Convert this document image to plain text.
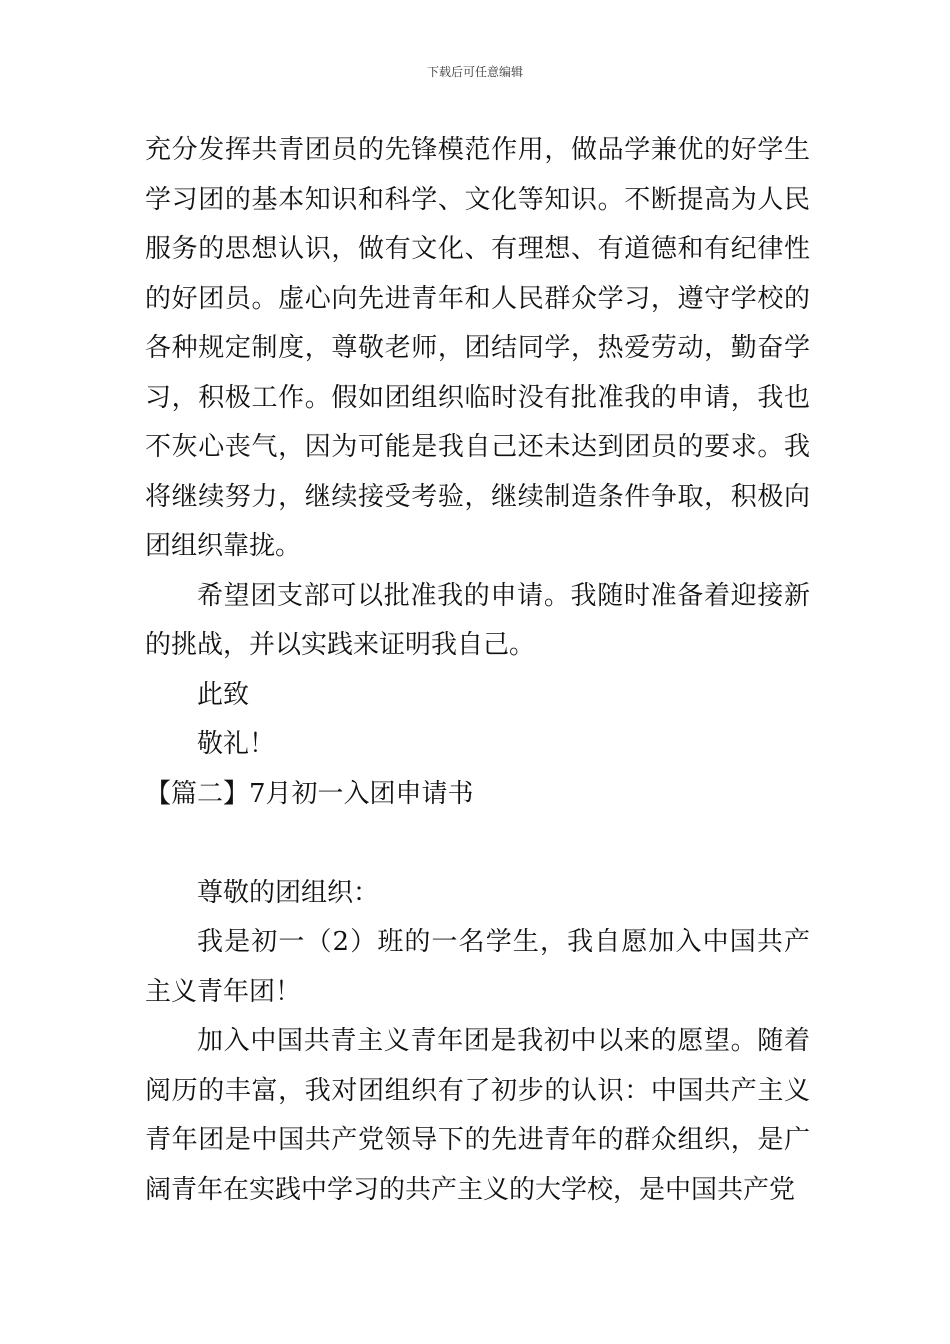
下载后可任意编辑

充分发挥共青团员的先锋模范作用，做品学兼优的好学生学习团的基本知识和科学、文化等知识。不断提高为人民服务的思想认识，做有文化、有理想、有道德和有纪律性的好团员。虚心向先进青年和人民群众学习，遵守学校的各种规定制度，尊敬老师，团结同学，热爱劳动，勤奋学习，积极工作。假如团组织临时没有批准我的申请，我也不灰心丧气，因为可能是我自己还未达到团员的要求。我将继续努力，继续接受考验，继续制造条件争取，积极向团组织靠拢。

希望团支部可以批准我的申请。我随时准备着迎接新的挑战，并以实践来证明我自己。

此致

敬礼！

【篇二】7月初一入团申请书

尊敬的团组织：

我是初一（2）班的一名学生，我自愿加入中国共产主义青年团！

加入中国共青主义青年团是我初中以来的愿望。随着阅历的丰富，我对团组织有了初步的认识：中国共产主义青年团是中国共产党领导下的先进青年的群众组织，是广阔青年在实践中学习的共产主义的大学校，是中国共产党
